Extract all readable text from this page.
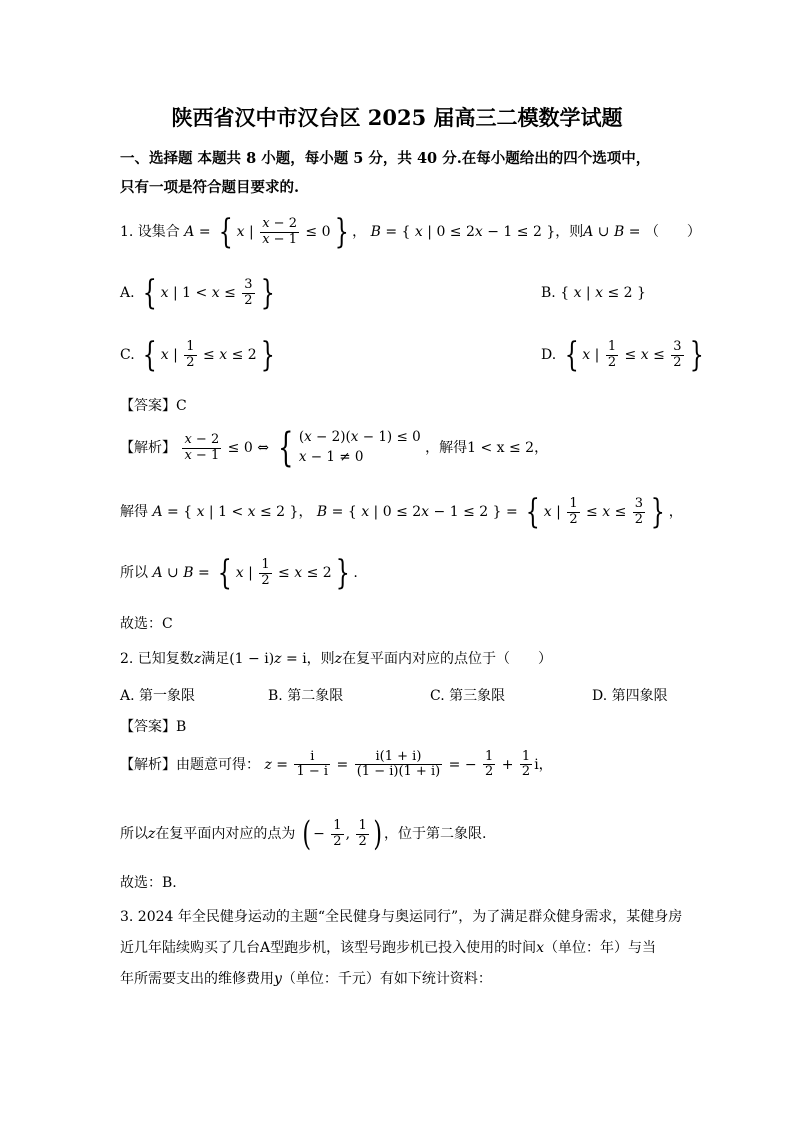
陕西省汉中市汉台区 2025 届高三二模数学试题
一、选择题 本题共 8 小题，每小题 5 分，共 40 分.在每小题给出的四个选项中，
只有一项是符合题目要求的.
1. 设集合 A = { x | $\frac{x - 2}{x - 1} \le 0$ } ， B = { x | 0 ≤ 2x − 1 ≤ 2 }，则A ∪ B = （　　）
A. { x | $1 < x \le \frac{3}{2}$ }	B. { x | x ≤ 2 }
C. { x | $\frac{1}{2} \le x \le 2$ }	D. { x | $\frac{1}{2} \le x \le \frac{3}{2}$ }
【答案】C
【解析】 $\frac{x - 2}{x - 1} \le 0$ ⇔ { (x − 2)(x − 1) ≤ 0
x − 1 ≠ 0 ，解得1 < x ≤ 2，
解得 A = { x | 1 < x ≤ 2 }， B = { x | 0 ≤ 2x − 1 ≤ 2 } = { x | $\frac{1}{2} \le x \le \frac{3}{2}$ } ，
所以 A ∪ B = { x | $\frac{1}{2} \le x \le 2$ } .
故选：C
2. 已知复数z满足(1 − i)z = i，则z在复平面内对应的点位于（　　）
A. 第一象限	B. 第二象限	C. 第三象限	D. 第四象限
【答案】B
【解析】由题意可得： $z = \frac{i}{1 - i} = \frac{i(1 + i)}{(1 - i)(1 + i)}$ = − $\frac{1}{2} + \frac{1}{2}$ i，
所以z在复平面内对应的点为 ( − $\frac{1}{2}$ , $\frac{1}{2}$ ) ，位于第二象限.
故选：B.
3. 2024 年全民健身运动的主题“全民健身与奥运同行”，为了满足群众健身需求，某健身房
近几年陆续购买了几台A型跑步机，该型号跑步机已投入使用的时间x（单位：年）与当
年所需要支出的维修费用y（单位：千元）有如下统计资料：
